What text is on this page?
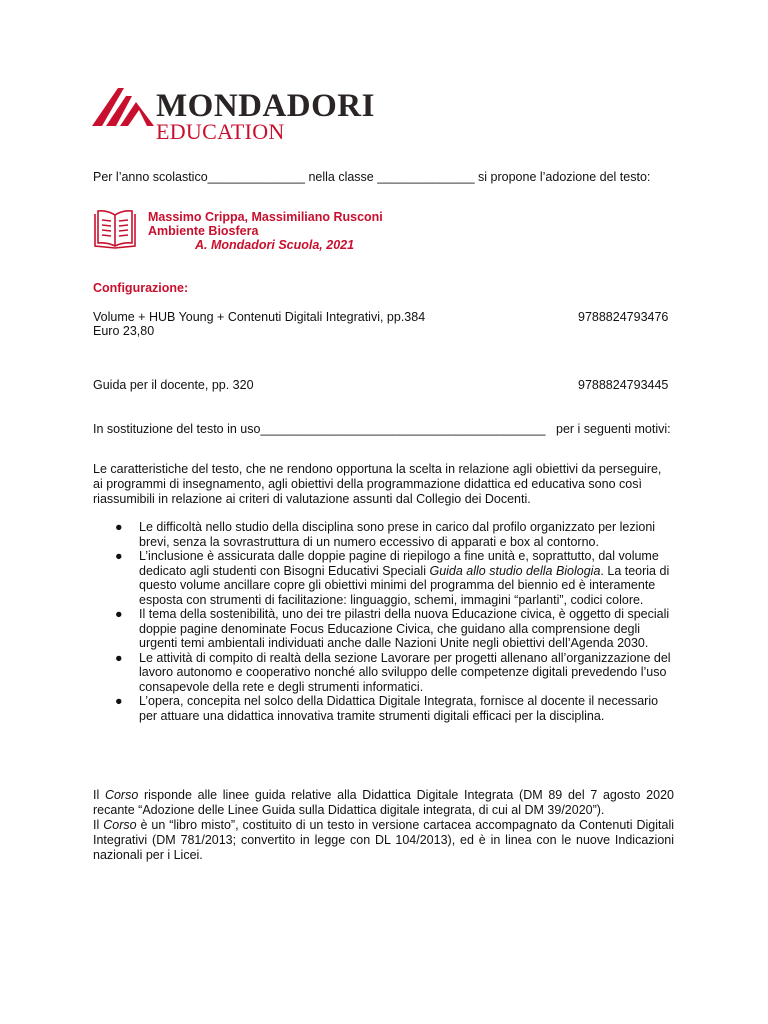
MONDADORI
EDUCATION
Per l’anno scolastico______________ nella classe ______________ si propone l’adozione del testo:
Massimo Crippa, Massimiliano Rusconi
Ambiente Biosfera
A. Mondadori Scuola, 2021
Configurazione:
Volume + HUB Young + Contenuti Digitali Integrativi, pp.384
Euro 23,80
9788824793476
Guida per il docente, pp. 320	9788824793445
In sostituzione del testo in uso_________________________________________ per i seguenti motivi:
Le caratteristiche del testo, che ne rendono opportuna la scelta in relazione agli obiettivi da perseguire, ai programmi di insegnamento, agli obiettivi della programmazione didattica ed educativa sono così riassumibili in relazione ai criteri di valutazione assunti dal Collegio dei Docenti.
● Le difficoltà nello studio della disciplina sono prese in carico dal profilo organizzato per lezioni brevi, senza la sovrastruttura di un numero eccessivo di apparati e box al contorno.
● L’inclusione è assicurata dalle doppie pagine di riepilogo a fine unità e, soprattutto, dal volume dedicato agli studenti con Bisogni Educativi Speciali Guida allo studio della Biologia. La teoria di questo volume ancillare copre gli obiettivi minimi del programma del biennio ed è interamente esposta con strumenti di facilitazione: linguaggio, schemi, immagini “parlanti”, codici colore.
● Il tema della sostenibilità, uno dei tre pilastri della nuova Educazione civica, è oggetto di speciali doppie pagine denominate Focus Educazione Civica, che guidano alla comprensione degli urgenti temi ambientali individuati anche dalle Nazioni Unite negli obiettivi dell’Agenda 2030.
● Le attività di compito di realtà della sezione Lavorare per progetti allenano all’organizzazione del lavoro autonomo e cooperativo nonché allo sviluppo delle competenze digitali prevedendo l’uso consapevole della rete e degli strumenti informatici.
● L’opera, concepita nel solco della Didattica Digitale Integrata, fornisce al docente il necessario per attuare una didattica innovativa tramite strumenti digitali efficaci per la disciplina.
Il Corso risponde alle linee guida relative alla Didattica Digitale Integrata (DM 89 del 7 agosto 2020 recante “Adozione delle Linee Guida sulla Didattica digitale integrata, di cui al DM 39/2020”).
Il Corso è un “libro misto”, costituito di un testo in versione cartacea accompagnato da Contenuti Digitali Integrativi (DM 781/2013; convertito in legge con DL 104/2013), ed è in linea con le nuove Indicazioni nazionali per i Licei.
